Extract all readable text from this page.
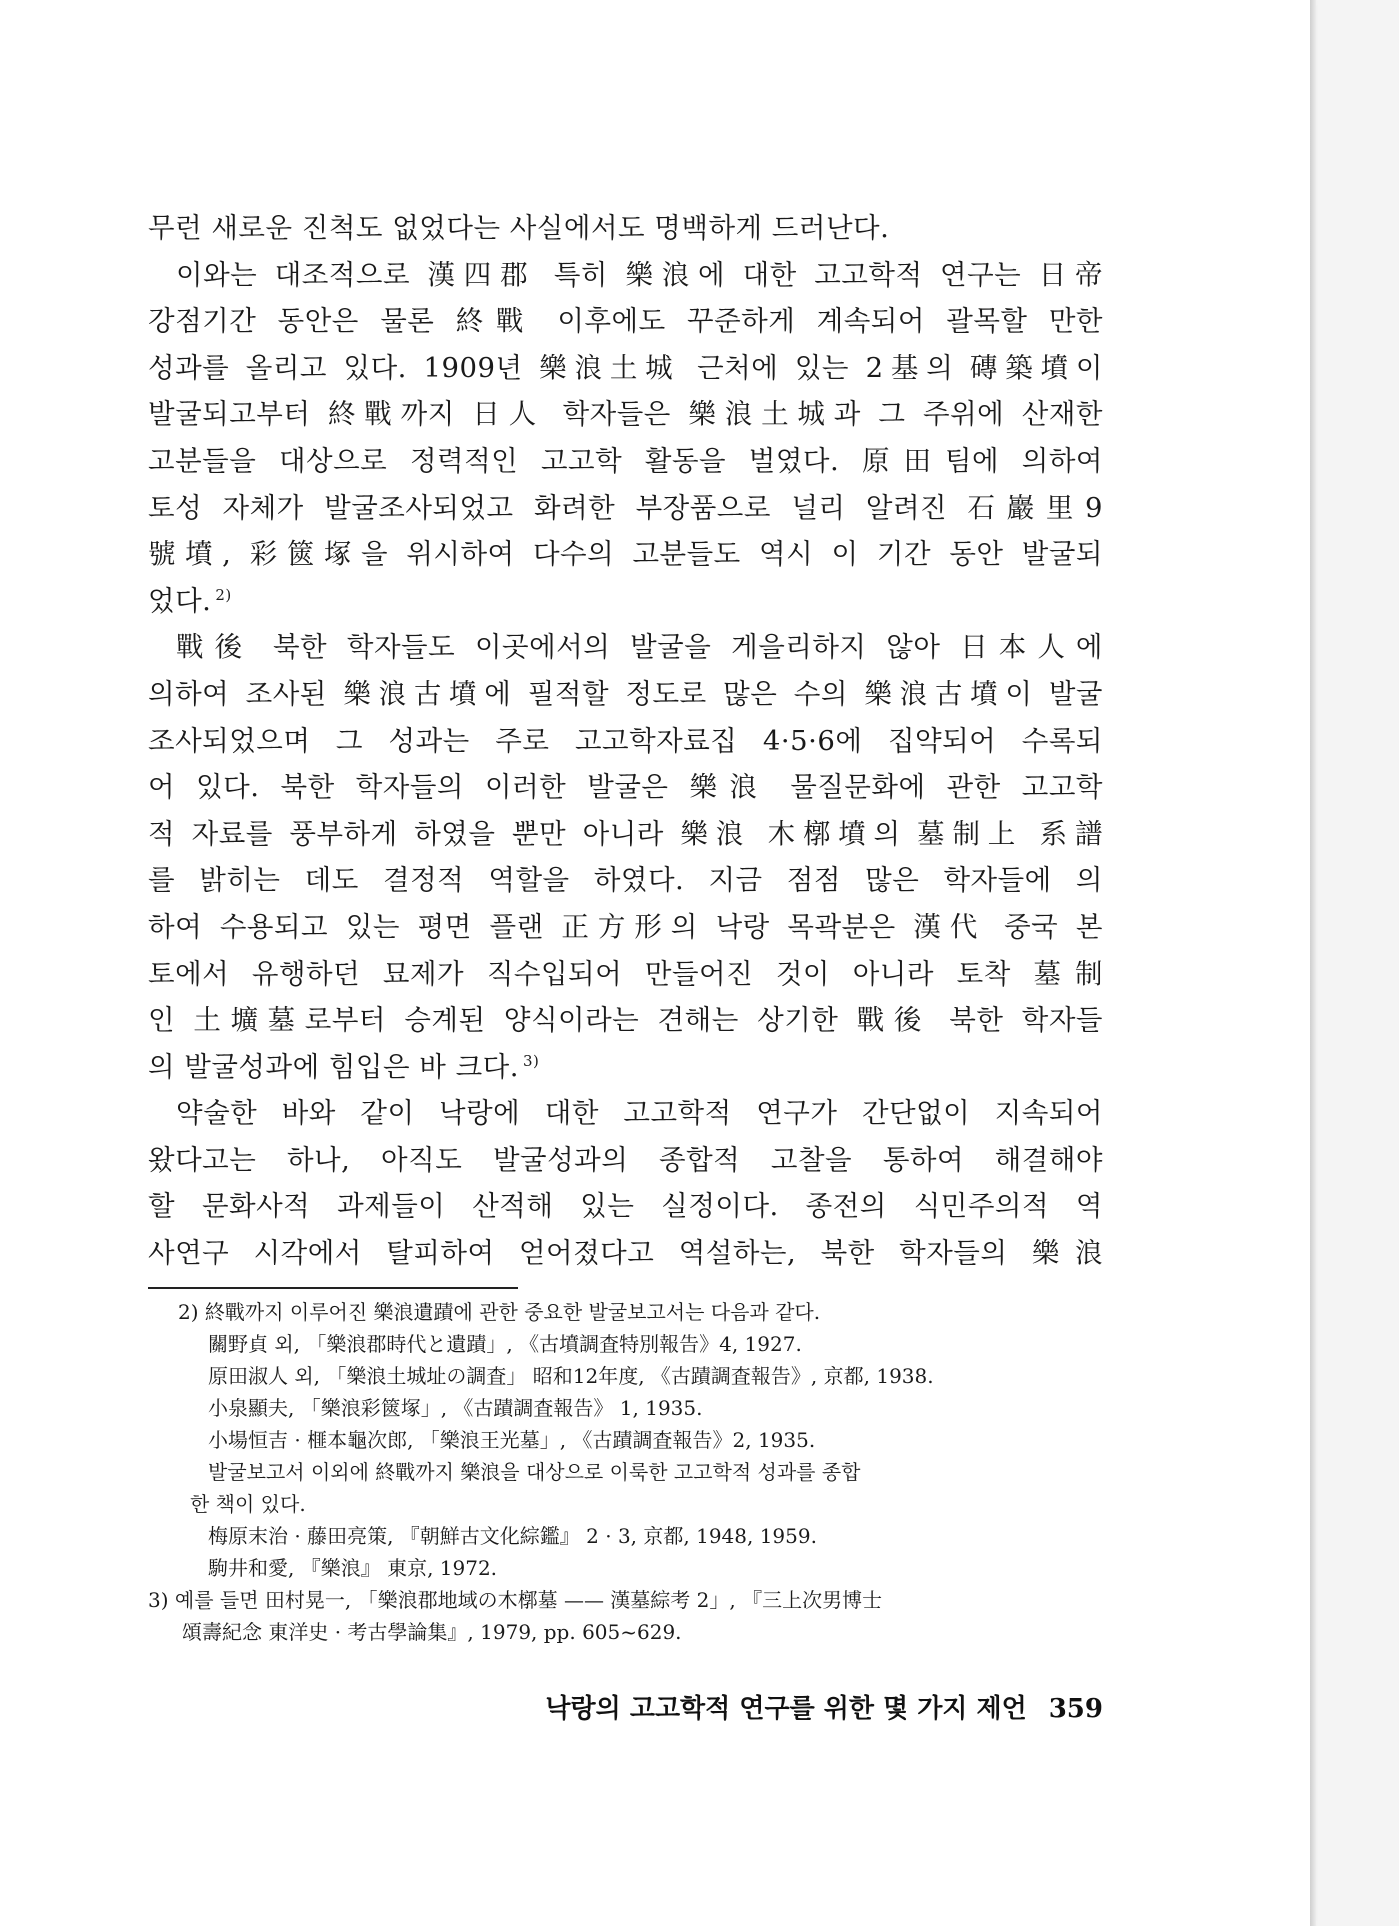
무런 새로운 진척도 없었다는 사실에서도 명백하게 드러난다.
이와는 대조적으로 漢四郡 특히 樂浪에 대한 고고학적 연구는 日帝
강점기간 동안은 물론 終戰 이후에도 꾸준하게 계속되어 괄목할 만한
성과를 올리고 있다. 1909년 樂浪土城 근처에 있는 2基의 磚築墳이
발굴되고부터 終戰까지 日人 학자들은 樂浪土城과 그 주위에 산재한
고분들을 대상으로 정력적인 고고학 활동을 벌였다. 原田팀에 의하여
토성 자체가 발굴조사되었고 화려한 부장품으로 널리 알려진 石巖里9
號墳, 彩篋塚을 위시하여 다수의 고분들도 역시 이 기간 동안 발굴되
었다. $^{2)}$
戰後 북한 학자들도 이곳에서의 발굴을 게을리하지 않아 日本人에
의하여 조사된 樂浪古墳에 필적할 정도로 많은 수의 樂浪古墳이 발굴
조사되었으며 그 성과는 주로 고고학자료집 4·5·6에 집약되어 수록되
어 있다. 북한 학자들의 이러한 발굴은 樂浪 물질문화에 관한 고고학
적 자료를 풍부하게 하였을 뿐만 아니라 樂浪 木槨墳의 墓制上 系譜
를 밝히는 데도 결정적 역할을 하였다. 지금 점점 많은 학자들에 의
하여 수용되고 있는 평면 플랜 正方形의 낙랑 목곽분은 漢代 중국 본
토에서 유행하던 묘제가 직수입되어 만들어진 것이 아니라 토착 墓制
인 土壙墓로부터 승계된 양식이라는 견해는 상기한 戰後 북한 학자들
의 발굴성과에 힘입은 바 크다. $^{3)}$
약술한 바와 같이 낙랑에 대한 고고학적 연구가 간단없이 지속되어
왔다고는 하나, 아직도 발굴성과의 종합적 고찰을 통하여 해결해야
할 문화사적 과제들이 산적해 있는 실정이다. 종전의 식민주의적 역
사연구 시각에서 탈피하여 얻어졌다고 역설하는, 북한 학자들의 樂浪
2) 終戰까지 이루어진 樂浪遺蹟에 관한 중요한 발굴보고서는 다음과 같다.
關野貞 외, 「樂浪郡時代と遺蹟」, 《古墳調査特別報告》4, 1927.
原田淑人 외, 「樂浪土城址の調査」 昭和12年度, 《古蹟調査報告》, 京都, 1938.
小泉顯夫, 「樂浪彩篋塚」, 《古蹟調査報告》 1, 1935.
小場恒吉 · 榧本龜次郎, 「樂浪王光墓」, 《古蹟調査報告》2, 1935.
발굴보고서 이외에 終戰까지 樂浪을 대상으로 이룩한 고고학적 성과를 종합
한 책이 있다.
梅原末治 · 藤田亮策, 『朝鮮古文化綜鑑』 2 · 3, 京都, 1948, 1959.
駒井和愛, 『樂浪』 東京, 1972.
3) 예를 들면 田村晃一, 「樂浪郡地域の木槨墓 —— 漢墓綜考 2」, 『三上次男博士
頌壽紀念 東洋史 · 考古學論集』, 1979, pp. 605~629.
낙랑의 고고학적 연구를 위한 몇 가지 제언 359
